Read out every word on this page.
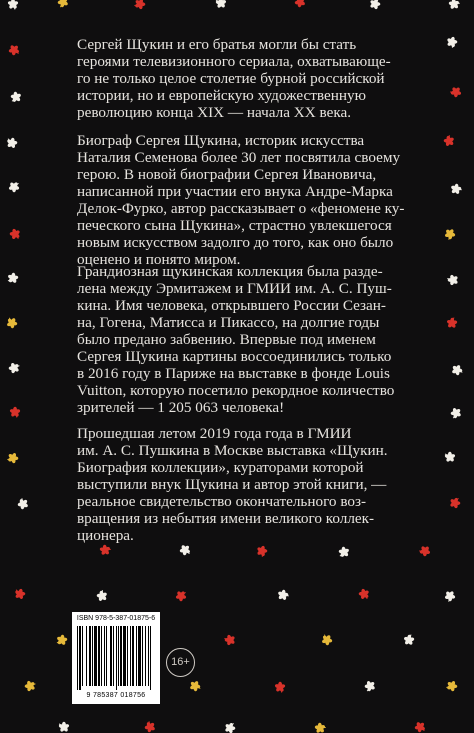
Сергей Щукин и его братья могли бы стать
героями телевизионного сериала, охватывающе-
го не только целое столетие бурной российской
истории, но и европейскую художественную
революцию конца XIX — начала XX века.
Биограф Сергея Щукина, историк искусства
Наталия Семенова более 30 лет посвятила своему
герою. В новой биографии Сергея Ивановича,
написанной при участии его внука Андре-Марка
Делок-Фурко, автор рассказывает о «феномене ку-
печеского сына Щукина», страстно увлекшегося
новым искусством задолго до того, как оно было
оценено и понято миром.
Грандиозная щукинская коллекция была разде-
лена между Эрмитажем и ГМИИ им. А. С. Пуш-
кина. Имя человека, открывшего России Сезан-
на, Гогена, Матисса и Пикассо, на долгие годы
было предано забвению. Впервые под именем
Сергея Щукина картины воссоединились только
в 2016 году в Париже на выставке в фонде Louis
Vuitton, которую посетило рекордное количество
зрителей — 1 205 063 человека!
Прошедшая летом 2019 года года в ГМИИ
им. А. С. Пушкина в Москве выставка «Щукин.
Биография коллекции», кураторами которой
выступили внук Щукина и автор этой книги, —
реальное свидетельство окончательного воз-
вращения из небытия имени великого коллек-
ционера.
ISBN 978-5-387-01875-6
9 785387 018756
16+
